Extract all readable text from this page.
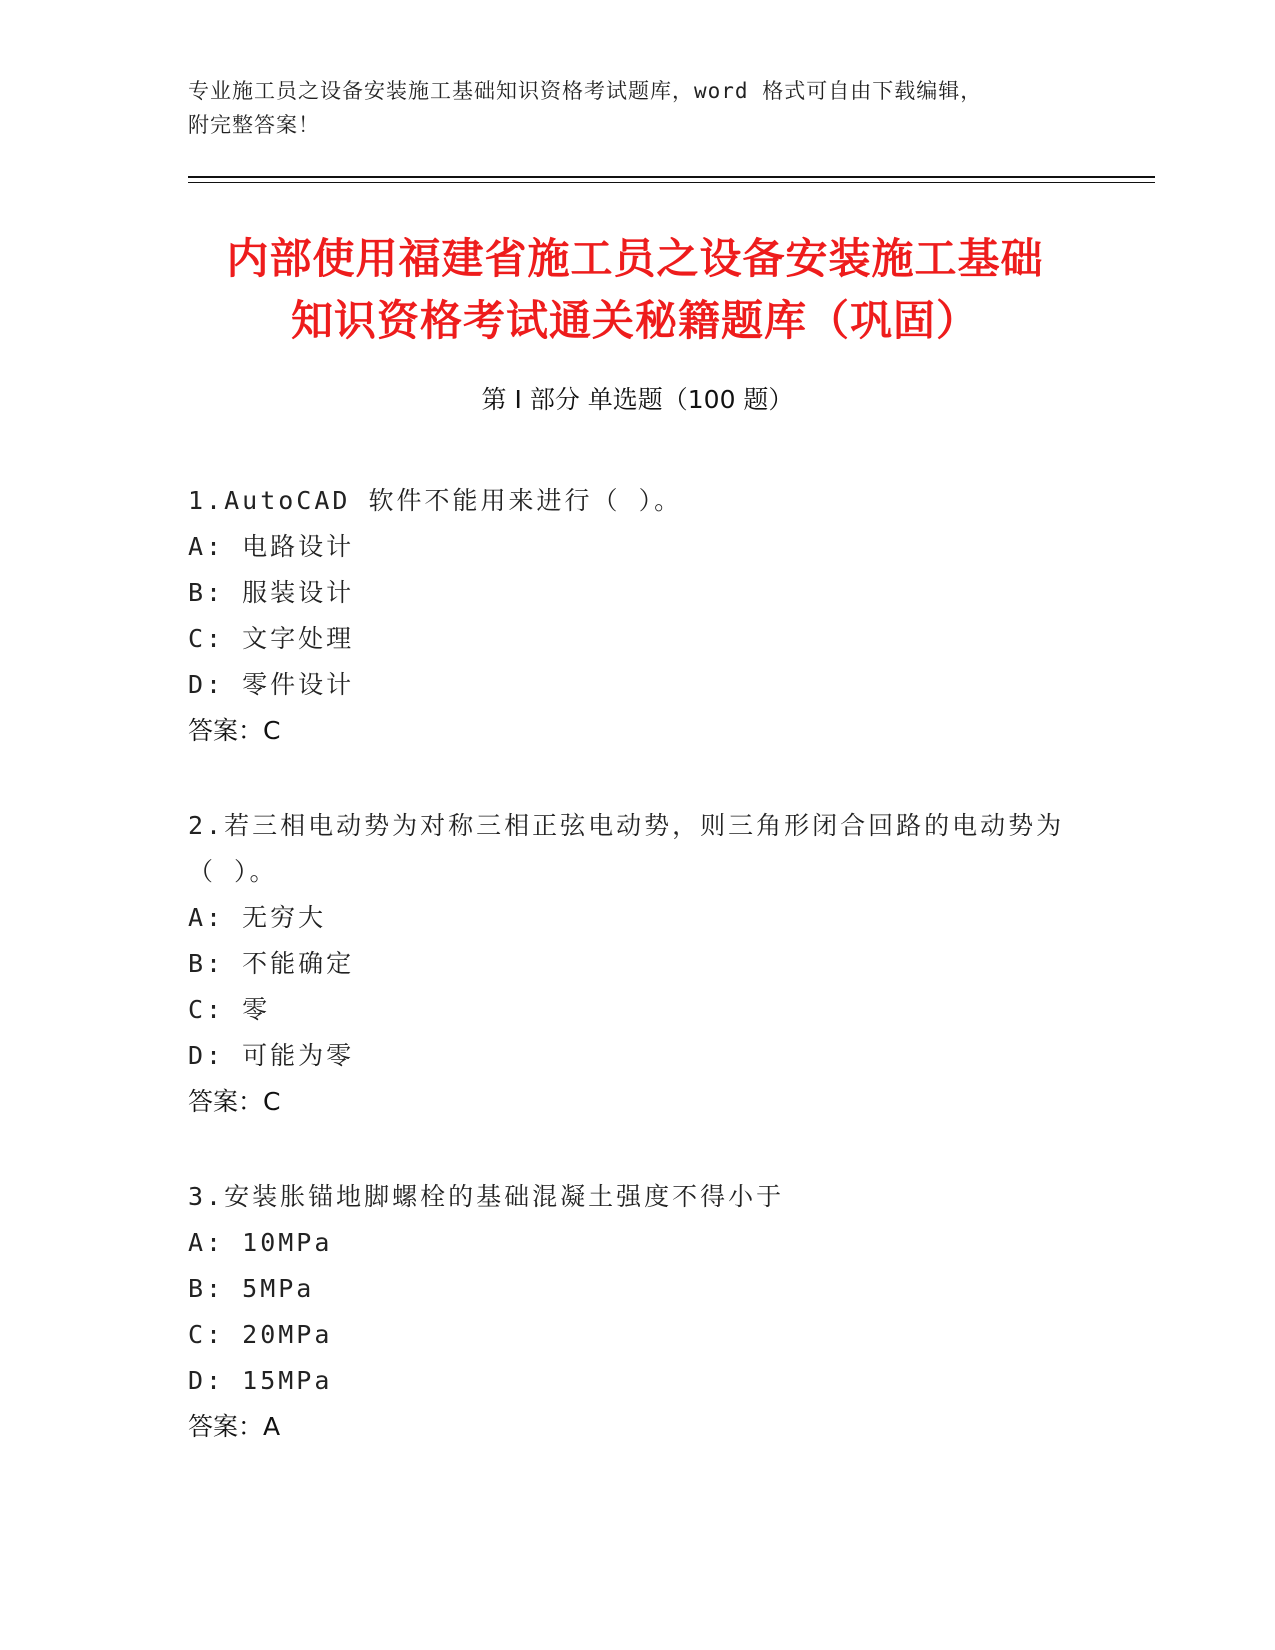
专业施工员之设备安装施工基础知识资格考试题库，word 格式可自由下载编辑，
附完整答案！
内部使用福建省施工员之设备安装施工基础
知识资格考试通关秘籍题库（巩固）
第 I 部分 单选题（100 题）
1.AutoCAD 软件不能用来进行（ ）。
A: 电路设计
B: 服装设计
C: 文字处理
D: 零件设计
答案：C
2.若三相电动势为对称三相正弦电动势，则三角形闭合回路的电动势为（ ）。
A: 无穷大
B: 不能确定
C: 零
D: 可能为零
答案：C
3.安装胀锚地脚螺栓的基础混凝土强度不得小于
A: 10MPa
B: 5MPa
C: 20MPa
D: 15MPa
答案：A
